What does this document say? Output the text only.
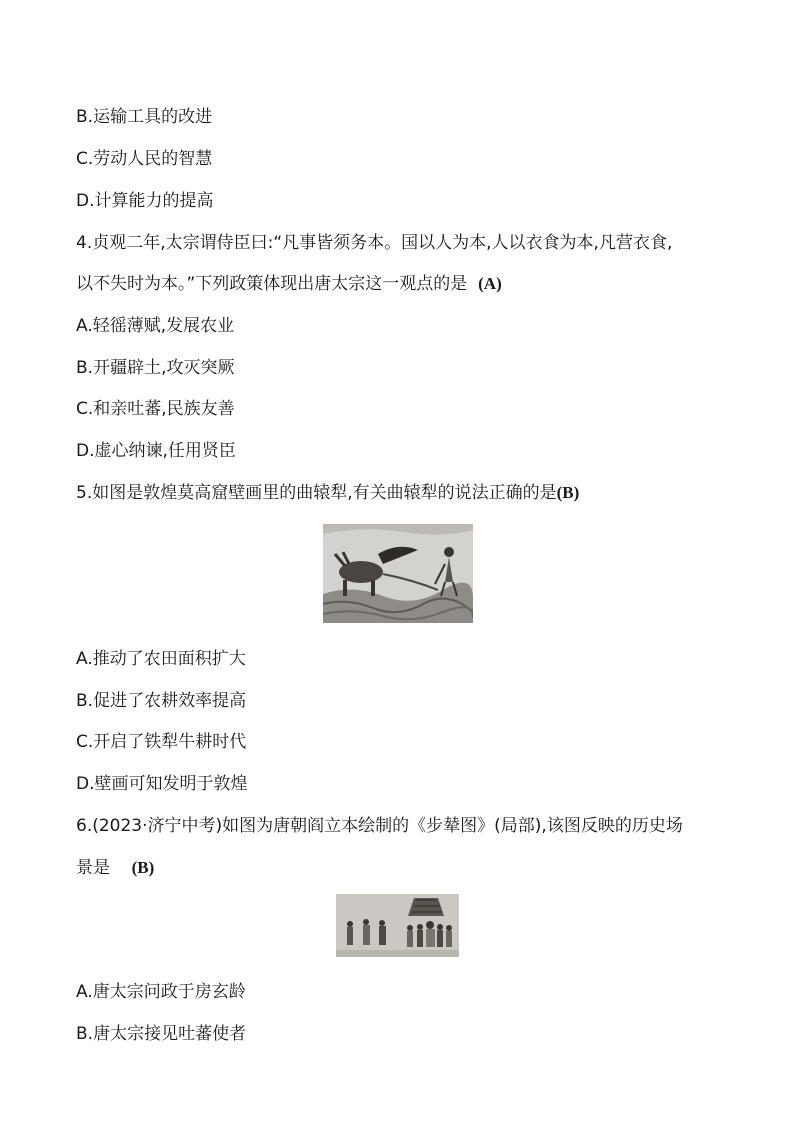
B.运输工具的改进
C.劳动人民的智慧
D.计算能力的提高
4.贞观二年,太宗谓侍臣曰:“凡事皆须务本。国以人为本,人以衣食为本,凡营衣食,
以不失时为本。”下列政策体现出唐太宗这一观点的是 (A)
A.轻徭薄赋,发展农业
B.开疆辟土,攻灭突厥
C.和亲吐蕃,民族友善
D.虚心纳谏,任用贤臣
5.如图是敦煌莫高窟壁画里的曲辕犁,有关曲辕犁的说法正确的是(B)
A.推动了农田面积扩大
B.促进了农耕效率提高
C.开启了铁犁牛耕时代
D.壁画可知发明于敦煌
6.(2023·济宁中考)如图为唐朝阎立本绘制的《步辇图》(局部),该图反映的历史场
景是 (B)
A.唐太宗问政于房玄龄
B.唐太宗接见吐蕃使者
